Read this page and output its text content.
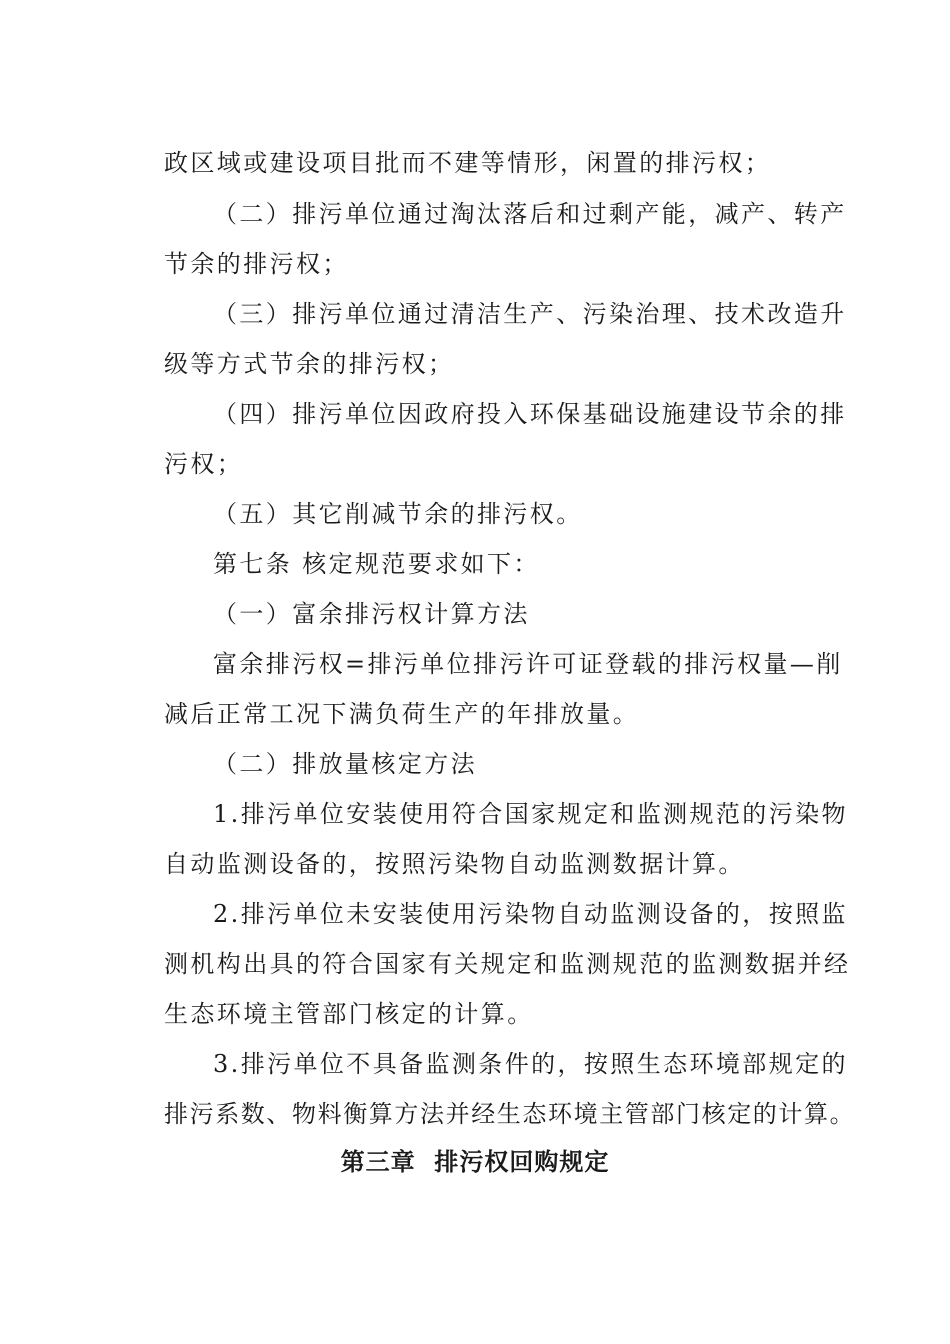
政区域或建设项目批而不建等情形，闲置的排污权；

（二）排污单位通过淘汰落后和过剩产能，减产、转产

节余的排污权；

（三）排污单位通过清洁生产、污染治理、技术改造升

级等方式节余的排污权；

（四）排污单位因政府投入环保基础设施建设节余的排

污权；

（五）其它削减节余的排污权。

第七条 核定规范要求如下：

（一）富余排污权计算方法

富余排污权=排污单位排污许可证登载的排污权量—削

减后正常工况下满负荷生产的年排放量。

（二）排放量核定方法

1.排污单位安装使用符合国家规定和监测规范的污染物

自动监测设备的，按照污染物自动监测数据计算。

2.排污单位未安装使用污染物自动监测设备的，按照监

测机构出具的符合国家有关规定和监测规范的监测数据并经

生态环境主管部门核定的计算。

3.排污单位不具备监测条件的，按照生态环境部规定的

排污系数、物料衡算方法并经生态环境主管部门核定的计算。

第三章  排污权回购规定
